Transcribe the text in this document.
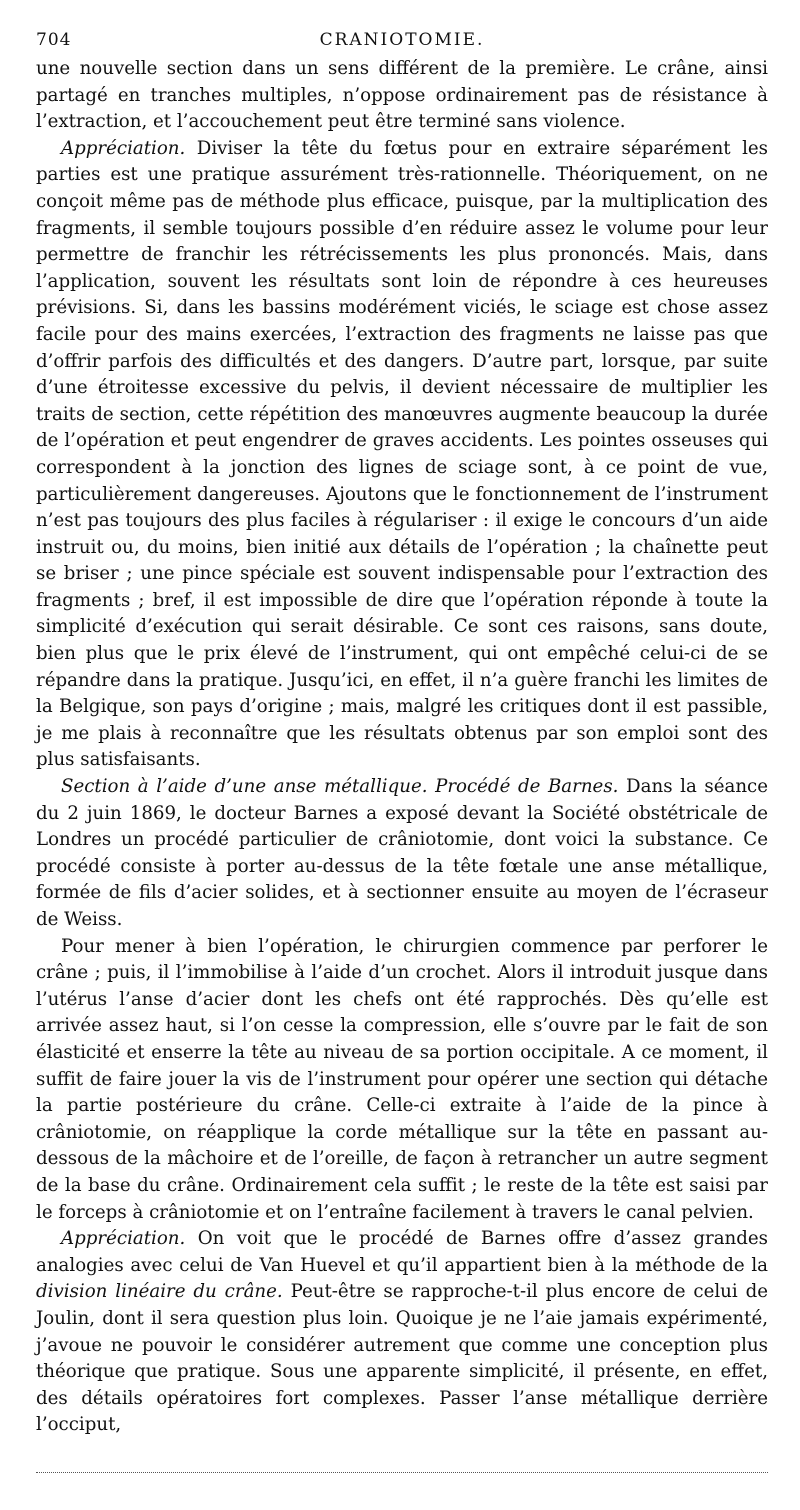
704	CRANIOTOMIE.

une nouvelle section dans un sens différent de la première. Le crâne, ainsi partagé en tranches multiples, n’oppose ordinairement pas de résistance à l’extraction, et l’accouchement peut être terminé sans violence.

Appréciation. Diviser la tête du fœtus pour en extraire séparément les parties est une pratique assurément très-rationnelle. Théoriquement, on ne conçoit même pas de méthode plus efficace, puisque, par la multiplication des fragments, il semble toujours possible d’en réduire assez le volume pour leur permettre de franchir les rétrécissements les plus prononcés. Mais, dans l’application, souvent les résultats sont loin de répondre à ces heureuses prévisions. Si, dans les bassins modérément viciés, le sciage est chose assez facile pour des mains exercées, l’extraction des fragments ne laisse pas que d’offrir parfois des difficultés et des dangers. D’autre part, lorsque, par suite d’une étroitesse excessive du pelvis, il devient nécessaire de multiplier les traits de section, cette répétition des manœuvres augmente beaucoup la durée de l’opération et peut engendrer de graves accidents. Les pointes osseuses qui correspondent à la jonction des lignes de sciage sont, à ce point de vue, particulièrement dangereuses. Ajoutons que le fonctionnement de l’instrument n’est pas toujours des plus faciles à régulariser : il exige le concours d’un aide instruit ou, du moins, bien initié aux détails de l’opération ; la chaînette peut se briser ; une pince spéciale est souvent indispensable pour l’extraction des fragments ; bref, il est impossible de dire que l’opération réponde à toute la simplicité d’exécution qui serait désirable. Ce sont ces raisons, sans doute, bien plus que le prix élevé de l’instrument, qui ont empêché celui-ci de se répandre dans la pratique. Jusqu’ici, en effet, il n’a guère franchi les limites de la Belgique, son pays d’origine ; mais, malgré les critiques dont il est passible, je me plais à reconnaître que les résultats obtenus par son emploi sont des plus satisfaisants.

Section à l’aide d’une anse métallique. Procédé de Barnes. Dans la séance du 2 juin 1869, le docteur Barnes a exposé devant la Société obstétricale de Londres un procédé particulier de crâniotomie, dont voici la substance. Ce procédé consiste à porter au-dessus de la tête fœtale une anse métallique, formée de fils d’acier solides, et à sectionner ensuite au moyen de l’écraseur de Weiss.

Pour mener à bien l’opération, le chirurgien commence par perforer le crâne ; puis, il l’immobilise à l’aide d’un crochet. Alors il introduit jusque dans l’utérus l’anse d’acier dont les chefs ont été rapprochés. Dès qu’elle est arrivée assez haut, si l’on cesse la compression, elle s’ouvre par le fait de son élasticité et enserre la tête au niveau de sa portion occipitale. A ce moment, il suffit de faire jouer la vis de l’instrument pour opérer une section qui détache la partie postérieure du crâne. Celle-ci extraite à l’aide de la pince à crâniotomie, on réapplique la corde métallique sur la tête en passant au-dessous de la mâchoire et de l’oreille, de façon à retrancher un autre segment de la base du crâne. Ordinairement cela suffit ; le reste de la tête est saisi par le forceps à crâniotomie et on l’entraîne facilement à travers le canal pelvien.

Appréciation. On voit que le procédé de Barnes offre d’assez grandes analogies avec celui de Van Huevel et qu’il appartient bien à la méthode de la division linéaire du crâne. Peut-être se rapproche-t-il plus encore de celui de Joulin, dont il sera question plus loin. Quoique je ne l’aie jamais expérimenté, j’avoue ne pouvoir le considérer autrement que comme une conception plus théorique que pratique. Sous une apparente simplicité, il présente, en effet, des détails opératoires fort complexes. Passer l’anse métallique derrière l’occiput,
